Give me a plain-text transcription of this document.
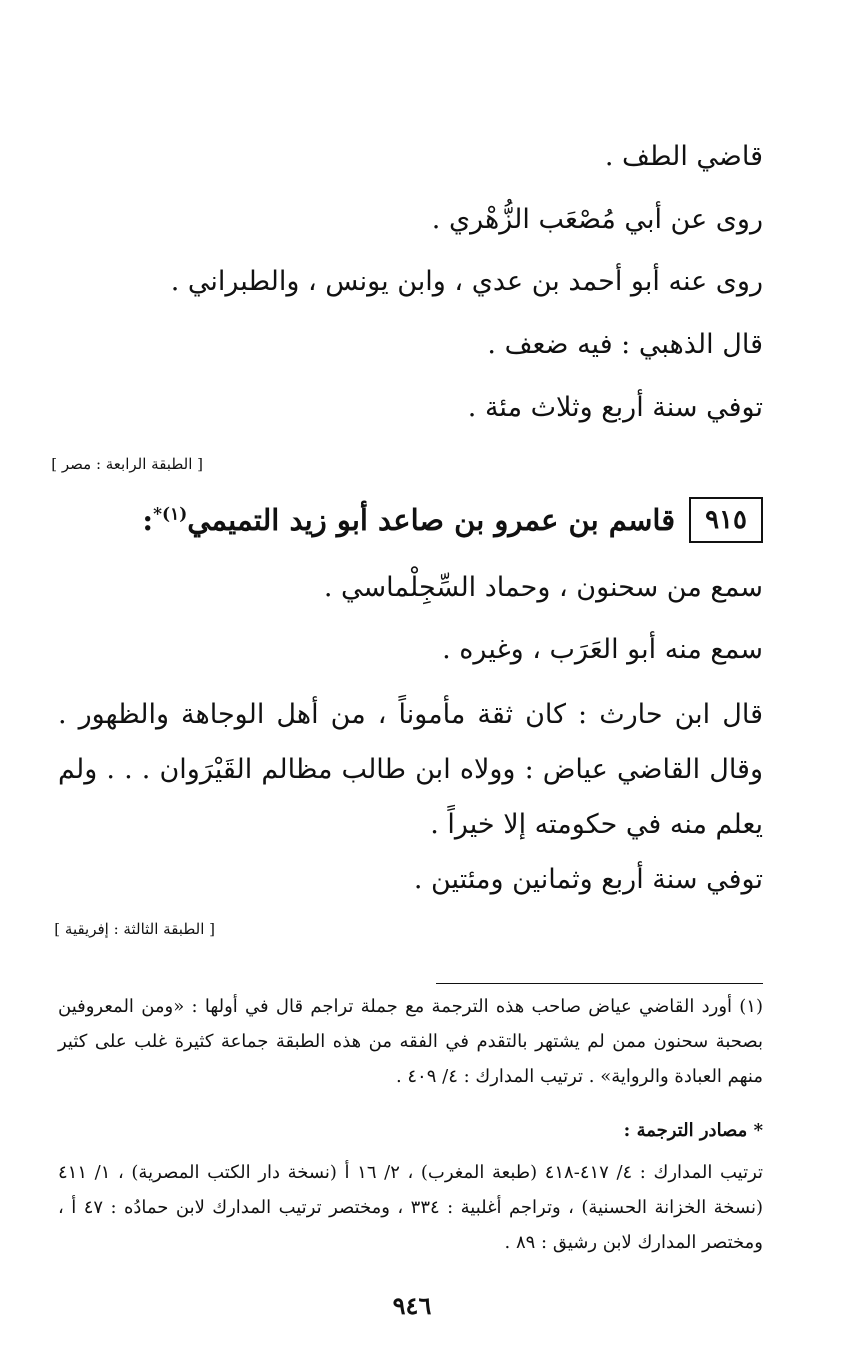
قاضي الطف .
روى عن أبي مُصْعَب الزُّهْري .
روى عنه أبو أحمد بن عدي ، وابن يونس ، والطبراني .
قال الذهبي : فيه ضعف .
توفي سنة أربع وثلاث مئة .
[ الطبقة الرابعة : مصر ]
٩١٥
قاسم بن عمرو بن صاعد أبو زيد التميمي$^{(١)*}$:
سمع من سحنون ، وحماد السِّجِلْماسي .
سمع منه أبو العَرَب ، وغيره .
قال ابن حارث : كان ثقة مأموناً ، من أهل الوجاهة والظهور . وقال القاضي عياض : وولاه ابن طالب مظالم القَيْرَوان . . . ولم يعلم منه في حكومته إلا خيراً .
توفي سنة أربع وثمانين ومئتين .
[ الطبقة الثالثة : إفريقية ]
(١) أورد القاضي عياض صاحب هذه الترجمة مع جملة تراجم قال في أولها : «ومن المعروفين بصحبة سحنون ممن لم يشتهر بالتقدم في الفقه من هذه الطبقة جماعة كثيرة غلب على كثير منهم العبادة والرواية» . ترتيب المدارك : ٤/ ٤٠٩ .
* مصادر الترجمة :
ترتيب المدارك : ٤/ ٤١٧-٤١٨ (طبعة المغرب) ، ٢/ ١٦ أ (نسخة دار الكتب المصرية) ، ١/ ٤١١ (نسخة الخزانة الحسنية) ، وتراجم أغلبية : ٣٣٤ ، ومختصر ترتيب المدارك لابن حمادُه : ٤٧ أ ، ومختصر المدارك لابن رشيق : ٨٩ .
٩٤٦
